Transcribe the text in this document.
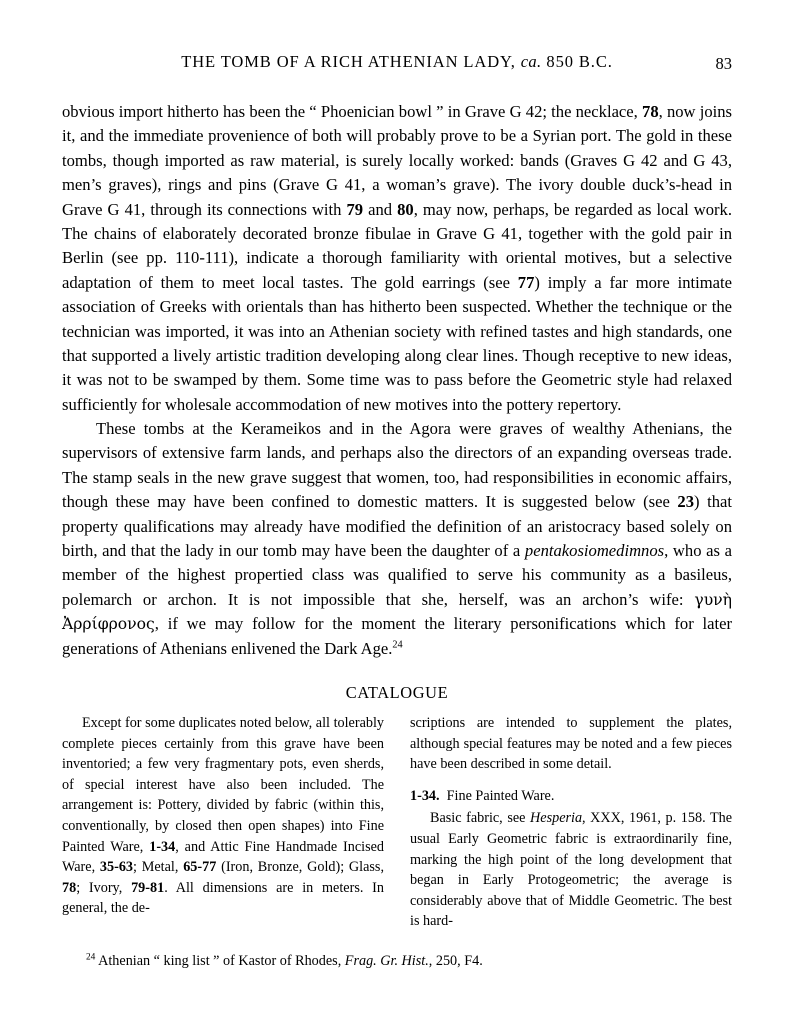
THE TOMB OF A RICH ATHENIAN LADY, ca. 850 B.C.	83

obvious import hitherto has been the “ Phoenician bowl ” in Grave G 42; the necklace, 78, now joins it, and the immediate provenience of both will probably prove to be a Syrian port. The gold in these tombs, though imported as raw material, is surely locally worked: bands (Graves G 42 and G 43, men’s graves), rings and pins (Grave G 41, a woman’s grave). The ivory double duck’s-head in Grave G 41, through its connections with 79 and 80, may now, perhaps, be regarded as local work. The chains of elaborately decorated bronze fibulae in Grave G 41, together with the gold pair in Berlin (see pp. 110-111), indicate a thorough familiarity with oriental motives, but a selective adaptation of them to meet local tastes. The gold earrings (see 77) imply a far more intimate association of Greeks with orientals than has hitherto been suspected. Whether the technique or the technician was imported, it was into an Athenian society with refined tastes and high standards, one that supported a lively artistic tradition developing along clear lines. Though receptive to new ideas, it was not to be swamped by them. Some time was to pass before the Geometric style had relaxed sufficiently for wholesale accommodation of new motives into the pottery repertory.

These tombs at the Kerameikos and in the Agora were graves of wealthy Athenians, the supervisors of extensive farm lands, and perhaps also the directors of an expanding overseas trade. The stamp seals in the new grave suggest that women, too, had responsibilities in economic affairs, though these may have been confined to domestic matters. It is suggested below (see 23) that property qualifications may already have modified the definition of an aristocracy based solely on birth, and that the lady in our tomb may have been the daughter of a pentakosiomedimnos, who as a member of the highest propertied class was qualified to serve his community as a basileus, polemarch or archon. It is not impossible that she, herself, was an archon’s wife: γυνὴ Ἀρρίφρονος, if we may follow for the moment the literary personifications which for later generations of Athenians enlivened the Dark Age.$^{24}$

CATALOGUE

Except for some duplicates noted below, all tolerably complete pieces certainly from this grave have been inventoried; a few very fragmentary pots, even sherds, of special interest have also been included. The arrangement is: Pottery, divided by fabric (within this, conventionally, by closed then open shapes) into Fine Painted Ware, 1-34, and Attic Fine Handmade Incised Ware, 35-63; Metal, 65-77 (Iron, Bronze, Gold); Glass, 78; Ivory, 79-81. All dimensions are in meters. In general, the de-

scriptions are intended to supplement the plates, although special features may be noted and a few pieces have been described in some detail.

1-34. Fine Painted Ware.

Basic fabric, see Hesperia, XXX, 1961, p. 158. The usual Early Geometric fabric is extraordinarily fine, marking the high point of the long development that began in Early Protogeometric; the average is considerably above that of Middle Geometric. The best is hard-

$^{24}$ Athenian “ king list ” of Kastor of Rhodes, Frag. Gr. Hist., 250, F4.
